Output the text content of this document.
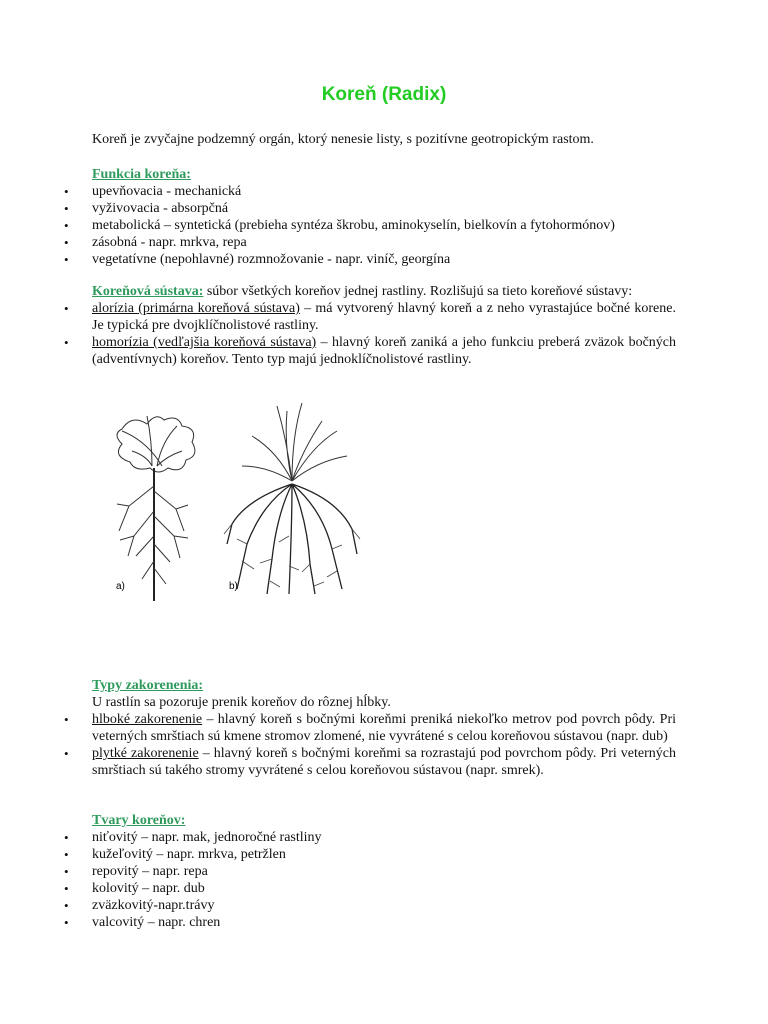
Koreň (Radix)

Koreň je zvyčajne podzemný orgán, ktorý nenesie listy, s pozitívne geotropickým rastom.

Funkcia koreňa:
• upevňovacia - mechanická
• vyživovacia - absorpčná
• metabolická – syntetická (prebieha syntéza škrobu, aminokyselín, bielkovín a fytohormónov)
• zásobná - napr. mrkva, repa
• vegetatívne (nepohlavné) rozmnožovanie - napr. viníč, georgína

Koreňová sústava: súbor všetkých koreňov jednej rastliny. Rozlišujú sa tieto koreňové sústavy:

• alorízia (primárna koreňová sústava) – má vytvorený hlavný koreň a z neho vyrastajúce bočné korene. Je typická pre dvojklíčnolistové rastliny.
• homorízia (vedľajšia koreňová sústava) – hlavný koreň zaniká a jeho funkciu preberá zväzok bočných (adventívnych) koreňov. Tento typ majú jednoklíčnolistové rastliny.
a)	b)
Typy zakorenenia:

U rastlín sa pozoruje prenik koreňov do rôznej hĺbky.

• hlboké zakorenenie – hlavný koreň s bočnými koreňmi preniká niekoľko metrov pod povrch pôdy. Pri veterných smrštiach sú kmene stromov zlomené, nie vyvrátené s celou koreňovou sústavou (napr. dub)
• plytké zakorenenie – hlavný koreň s bočnými koreňmi sa rozrastajú pod povrchom pôdy. Pri veterných smrštiach sú takého stromy vyvrátené s celou koreňovou sústavou (napr. smrek).
Tvary koreňov:
• niťovitý – napr. mak, jednoročné rastliny
• kužeľovitý – napr. mrkva, petržlen
• repovitý – napr. repa
• kolovitý – napr. dub
• zväzkovitý-napr.trávy
• valcovitý – napr. chren
